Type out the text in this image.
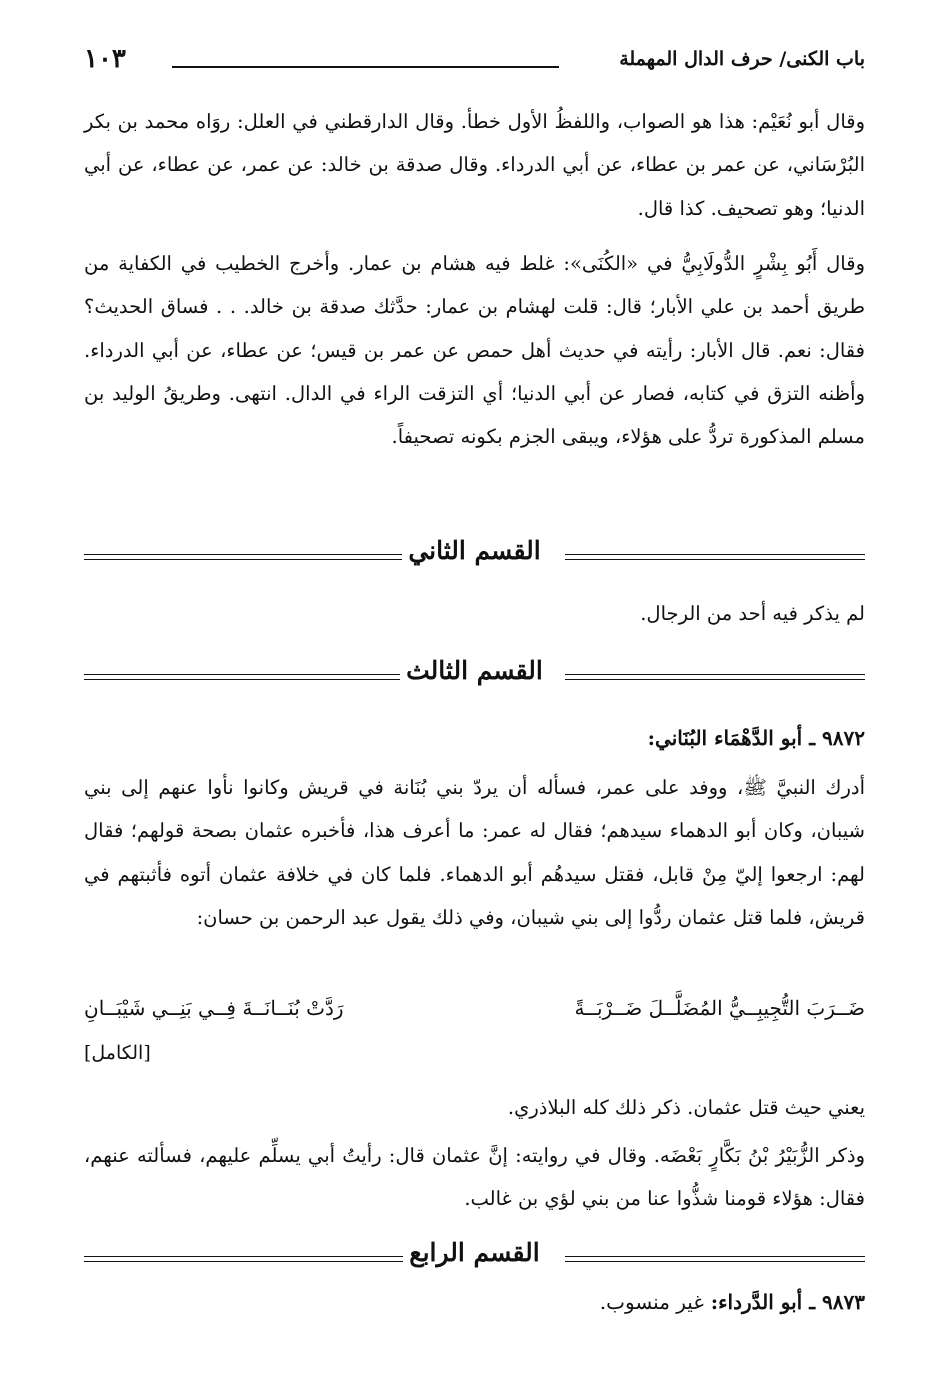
باب الكنى/ حرف الدال المهملة
١٠٣
وقال أبو نُعَيْم: هذا هو الصواب، واللفظُ الأول خطأ. وقال الدارقطني في العلل: روَاه محمد بن بكر البُرْسَاني، عن عمر بن عطاء، عن أبي الدرداء. وقال صدقة بن خالد: عن عمر، عن عطاء، عن أبي الدنيا؛ وهو تصحيف. كذا قال.
وقال أَبُو بِشْرٍ الدُّولَابِيُّ في «الكُنَى»: غلط فيه هشام بن عمار. وأخرج الخطيب في الكفاية من طريق أحمد بن علي الأبار؛ قال: قلت لهشام بن عمار: حدَّثك صدقة بن خالد. . . فساق الحديث؟ فقال: نعم. قال الأبار: رأيته في حديث أهل حمص عن عمر بن قيس؛ عن عطاء، عن أبي الدرداء. وأظنه التزق في كتابه، فصار عن أبي الدنيا؛ أي التزقت الراء في الدال. انتهى. وطريقُ الوليد بن مسلم المذكورة تردُّ على هؤلاء، ويبقى الجزم بكونه تصحيفاً.
القسم الثاني
لم يذكر فيه أحد من الرجال.
القسم الثالث
٩٨٧٢ ـ أبو الدَّهْمَاء البُنَاني:
أدرك النبيَّ ﷺ، ووفد على عمر، فسأله أن يردّ بني بُنَانة في قريش وكانوا نأوا عنهم إلى بني شيبان، وكان أبو الدهماء سيدهم؛ فقال له عمر: ما أعرف هذا، فأخبره عثمان بصحة قولهم؛ فقال لهم: ارجعوا إليّ مِنْ قابل، فقتل سيدهُم أبو الدهماء. فلما كان في خلافة عثمان أتوه فأثبتهم في قريش، فلما قتل عثمان ردُّوا إلى بني شيبان، وفي ذلك يقول عبد الرحمن بن حسان:
ضَــرَبَ التُّجِيبِــيُّ المُضَلَّــلَ ضَــرْبَــةً
رَدَّتْ بُنَــانَــةَ فِــي بَنِــي شَيْبَــانِ
[الكامل]
يعني حيث قتل عثمان. ذكر ذلك كله البلاذري.
وذكر الزُّبَيْرُ بْنُ بَكَّارٍ بَعْضَه. وقال في روايته: إنَّ عثمان قال: رأيتُ أبي يسلِّم عليهم، فسألته عنهم، فقال: هؤلاء قومنا شذُّوا عنا من بني لؤي بن غالب.
القسم الرابع
٩٨٧٣ ـ أبو الدَّرداء: غير منسوب.
